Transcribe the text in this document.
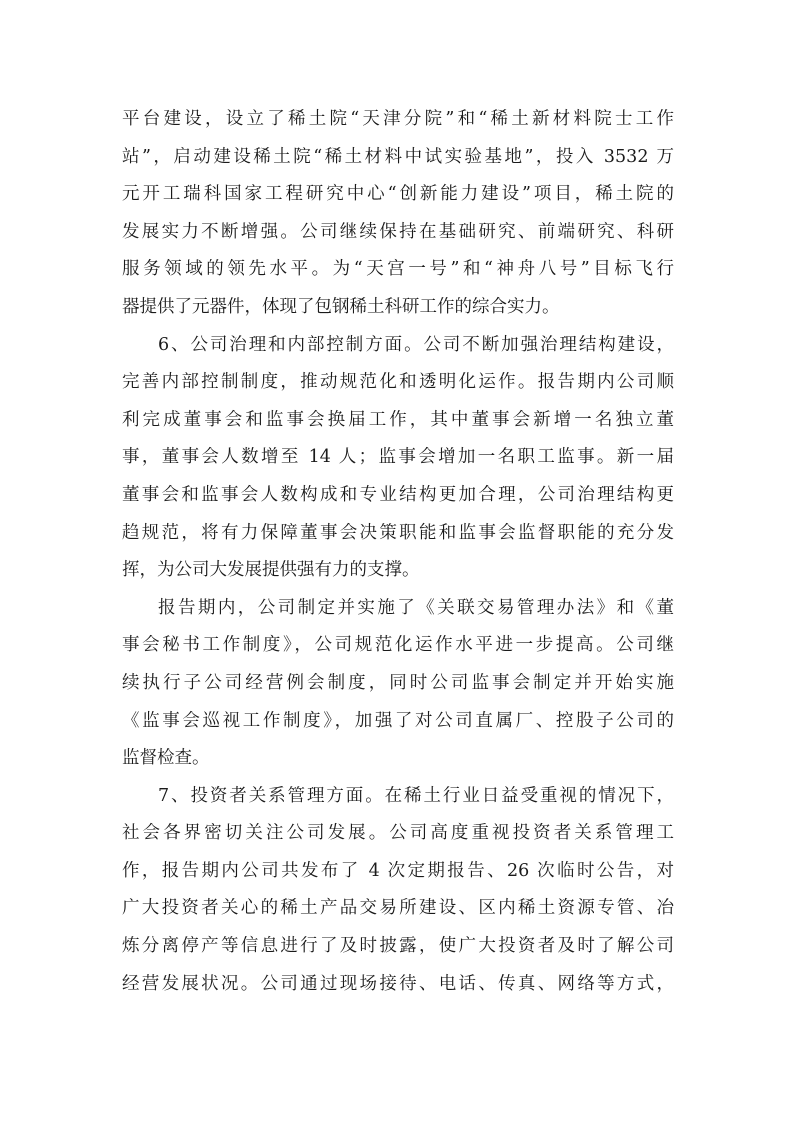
平台建设，设立了稀土院“天津分院”和“稀土新材料院士工作
站”，启动建设稀土院“稀土材料中试实验基地”，投入 3532 万
元开工瑞科国家工程研究中心“创新能力建设”项目，稀土院的
发展实力不断增强。公司继续保持在基础研究、前端研究、科研
服务领域的领先水平。为“天宫一号”和“神舟八号”目标飞行
器提供了元器件，体现了包钢稀土科研工作的综合实力。

6、公司治理和内部控制方面。公司不断加强治理结构建设，
完善内部控制制度，推动规范化和透明化运作。报告期内公司顺
利完成董事会和监事会换届工作，其中董事会新增一名独立董
事，董事会人数增至 14 人；监事会增加一名职工监事。新一届
董事会和监事会人数构成和专业结构更加合理，公司治理结构更
趋规范，将有力保障董事会决策职能和监事会监督职能的充分发
挥，为公司大发展提供强有力的支撑。

报告期内，公司制定并实施了《关联交易管理办法》和《董
事会秘书工作制度》，公司规范化运作水平进一步提高。公司继
续执行子公司经营例会制度，同时公司监事会制定并开始实施
《监事会巡视工作制度》，加强了对公司直属厂、控股子公司的
监督检查。

7、投资者关系管理方面。在稀土行业日益受重视的情况下，
社会各界密切关注公司发展。公司高度重视投资者关系管理工
作，报告期内公司共发布了 4 次定期报告、26 次临时公告，对
广大投资者关心的稀土产品交易所建设、区内稀土资源专管、冶
炼分离停产等信息进行了及时披露，使广大投资者及时了解公司
经营发展状况。公司通过现场接待、电话、传真、网络等方式，
